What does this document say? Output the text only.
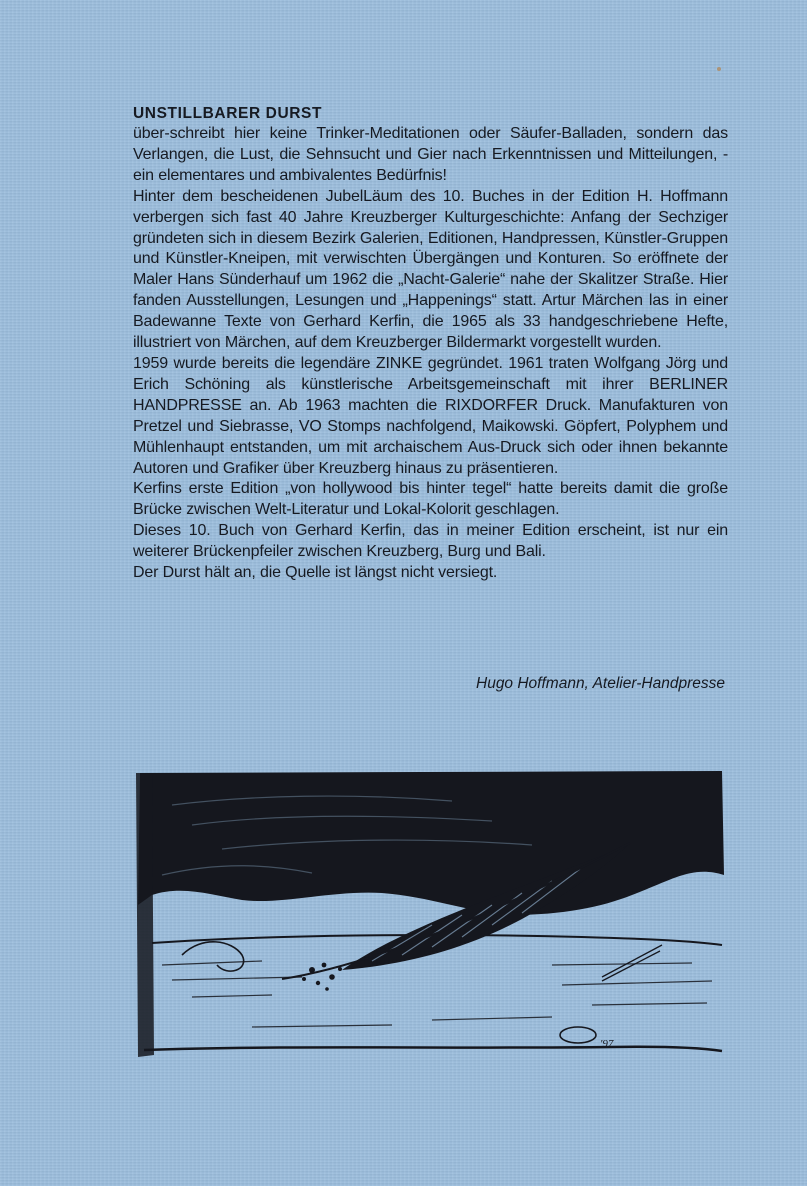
UNSTILLBARER DURST

über-schreibt hier keine Trinker-Meditationen oder Säufer-Balladen, sondern das Verlangen, die Lust, die Sehnsucht und Gier nach Erkenntnissen und Mitteilungen, - ein elementares und ambivalentes Bedürfnis!

Hinter dem bescheidenen JubelLäum des 10. Buches in der Edition H. Hoffmann verbergen sich fast 40 Jahre Kreuzberger Kulturgeschichte: Anfang der Sechziger gründeten sich in diesem Bezirk Galerien, Editionen, Handpressen, Künstler-Gruppen und Künstler-Kneipen, mit verwischten Übergängen und Konturen. So eröffnete der Maler Hans Sünderhauf um 1962 die „Nacht-Galerie“ nahe der Skalitzer Straße. Hier fanden Ausstellungen, Lesungen und „Happenings“ statt. Artur Märchen las in einer Badewanne Texte von Gerhard Kerfin, die 1965 als 33 handgeschriebene Hefte, illustriert von Märchen, auf dem Kreuzberger Bildermarkt vorgestellt wurden.

1959 wurde bereits die legendäre ZINKE gegründet. 1961 traten Wolfgang Jörg und Erich Schöning als künstlerische Arbeitsgemeinschaft mit ihrer BERLINER HANDPRESSE an. Ab 1963 machten die RIXDORFER Druck. Manufakturen von Pretzel und Siebrasse, VO Stomps nachfolgend, Maikowski. Göpfert, Polyphem und Mühlenhaupt entstanden, um mit archaischem Aus-Druck sich oder ihnen bekannte Autoren und Grafiker über Kreuzberg hinaus zu präsentieren.

Kerfins erste Edition „von hollywood bis hinter tegel“ hatte bereits damit die große Brücke zwischen Welt-Literatur und Lokal-Kolorit geschlagen.

Dieses 10. Buch von Gerhard Kerfin, das in meiner Edition erscheint, ist nur ein weiterer Brückenpfeiler zwischen Kreuzberg, Burg und Bali.

Der Durst hält an, die Quelle ist längst nicht versiegt.

Hugo Hoffmann, Atelier-Handpresse
'97
